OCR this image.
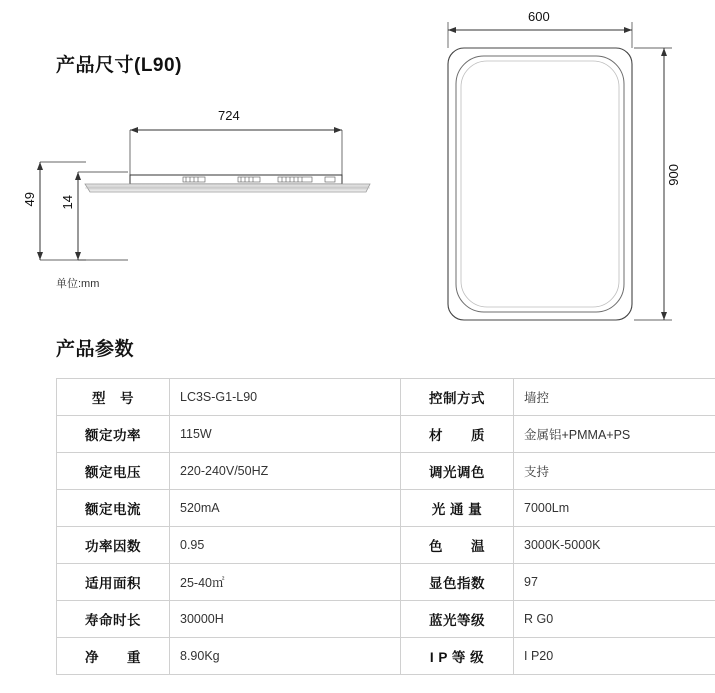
产品尺寸(L90)
724
49 14
单位:mm
600
900
产品参数
型　号	LC3S-G1-L90	控制方式	墙控
额定功率	115W	材　　质	金属铝+PMMA+PS
额定电压	220-240V/50HZ	调光调色	支持
额定电流	520mA	光 通 量	7000Lm
功率因数	0.95	色　　温	3000K-5000K
适用面积	25-40㎡	显色指数	97
寿命时长	30000H	蓝光等级	R G0
净　　重	8.90Kg	I P 等 级	I P20
